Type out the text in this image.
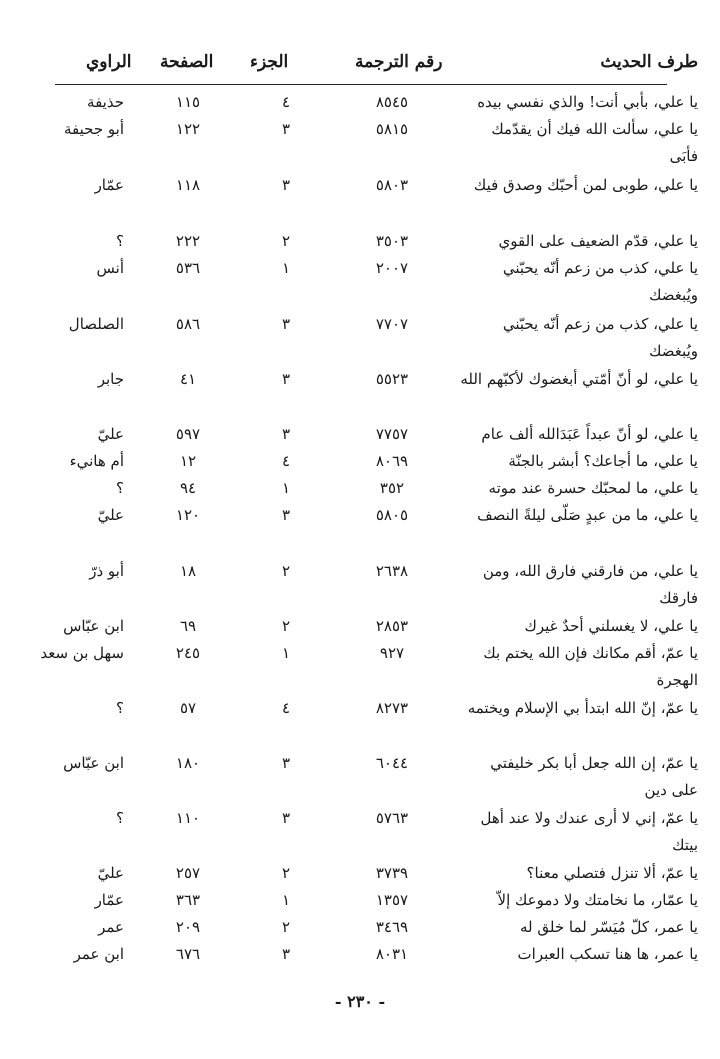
طرف الحديث
رقم الترجمة
الجزء
الصفحة
الراوي
يا علي، بأبي أنت! والذي نفسي بيده
٨٥٤٥
٤
١١٥
حذيفة
يا علي، سألت الله فيك أن يقدّمك فأبَى
٥٨١٥
٣
١٢٢
أبو جحيفة
يا علي، طوبى لمن أحبّك وصدق فيك
٥٨٠٣
٣
١١٨
عمّار
يا علي، قدّم الضعيف على القوي
٣٥٠٣
٢
٢٢٢
؟
يا علي، كذب من زعم أنّه يحبّني ويُبغضك
٢٠٠٧
١
٥٣٦
أنس
يا علي، كذب من زعم أنّه يحبّني ويُبغضك
٧٧٠٧
٣
٥٨٦
الصلصال
يا علي، لو أنّ أمّتي أبغضوك لأكبّهم الله
٥٥٢٣
٣
٤١
جابر
يا علي، لو أنّ عبداً عَبَدَالله ألف عام
٧٧٥٧
٣
٥٩٧
عليّ
يا علي، ما أجاعك؟ أبشر بالجنّة
٨٠٦٩
٤
١٢
أم هانيء
يا علي، ما لمحبّك حسرة عند موته
٣٥٢
١
٩٤
؟
يا علي، ما من عبدٍ صَلّى ليلةً النصف
٥٨٠٥
٣
١٢٠
عليّ
يا علي، من فارقني فارق الله، ومن فارقك
٢٦٣٨
٢
١٨
أبو ذرّ
يا علي، لا يغسلني أحدٌ غيرك
٢٨٥٣
٢
٦٩
ابن عبّاس
يا عمّ، أقم مكانك فإن الله يختم بك الهجرة
٩٢٧
١
٢٤٥
سهل بن سعد
يا عمّ، إنّ الله ابتدأ بي الإسلام ويختمه
٨٢٧٣
٤
٥٧
؟
يا عمّ، إن الله جعل أبا بكر خليفتي على دين
٦٠٤٤
٣
١٨٠
ابن عبّاس
يا عمّ، إني لا أرى عندك ولا عند أهل بيتك
٥٧٦٣
٣
١١٠
؟
يا عمّ، ألا تنزل فتصلي معنا؟
٣٧٣٩
٢
٢٥٧
عليّ
يا عمّار، ما نخامتك ولا دموعك إلاّ
١٣٥٧
١
٣٦٣
عمّار
يا عمر، كلّ مُيَسّر لما خلق له
٣٤٦٩
٢
٢٠٩
عمر
يا عمر، ها هنا تسكب العبرات
٨٠٣١
٣
٦٧٦
ابن عمر
- ٢٣٠ -
